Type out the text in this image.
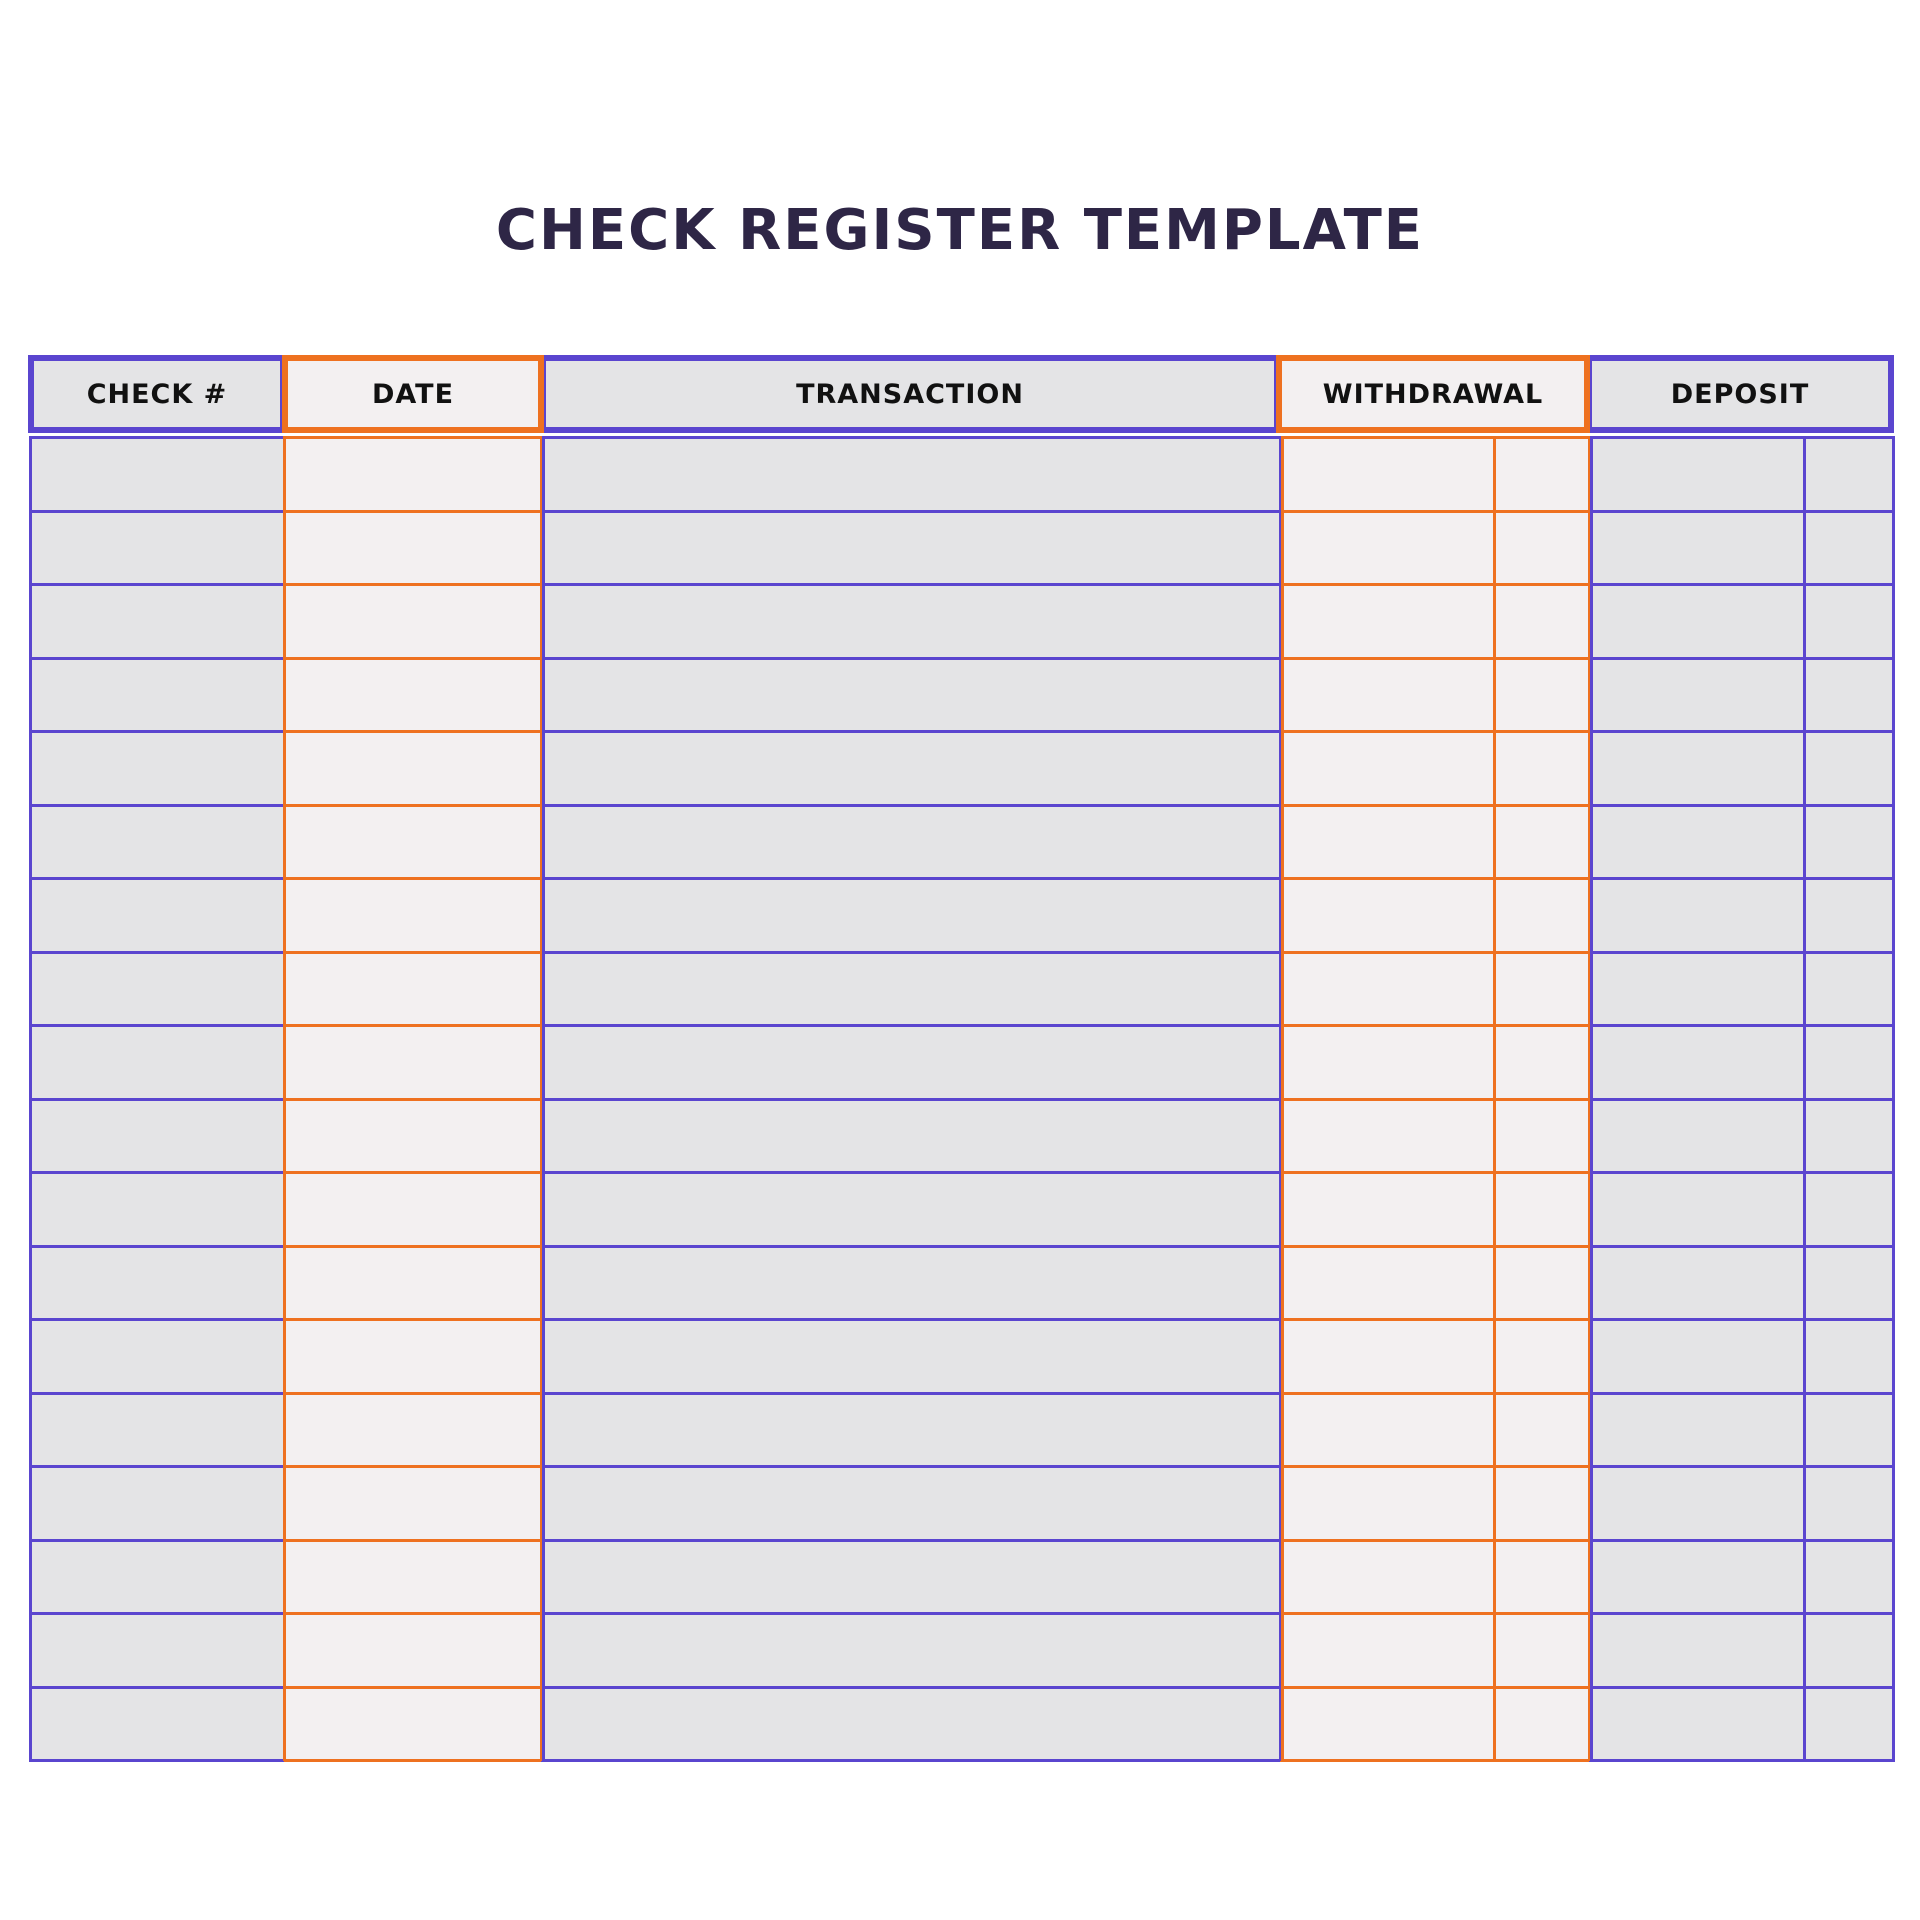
CHECK REGISTER TEMPLATE
CHECK #	DATE	TRANSACTION	WITHDRAWAL	DEPOSIT
